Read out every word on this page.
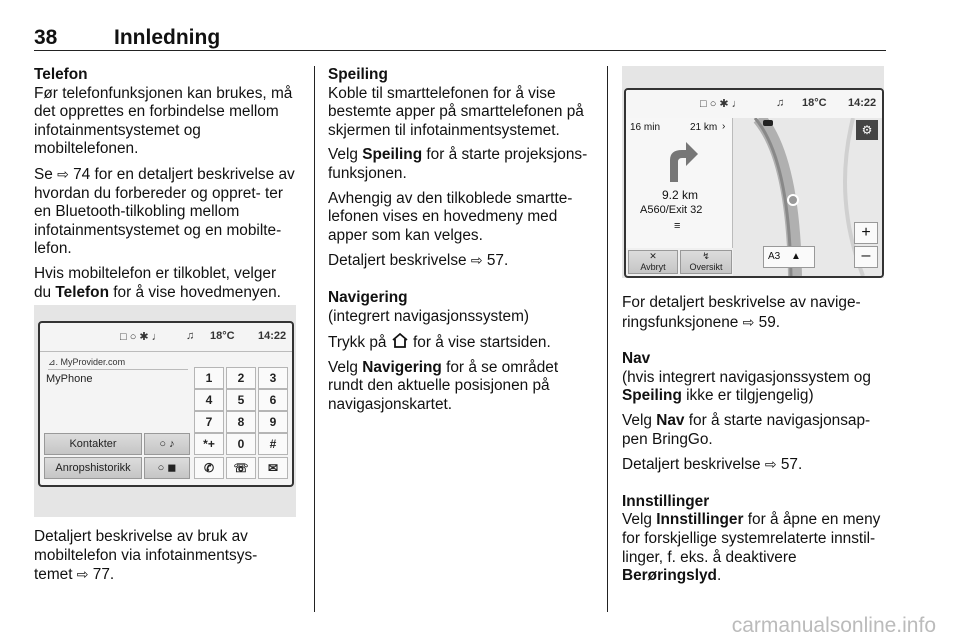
38	Innledning
Telefon

Før telefonfunksjonen kan brukes, må det opprettes en forbindelse mellom infotainmentsystemet og mobiltelefonen.

Se ⇨ 74 for en detaljert beskrivelse av hvordan du forbereder og oppret‐ ter en Bluetooth-tilkobling mellom infotainmentsystemet og en mobilte‐ lefon.

Hvis mobiltelefon er tilkoblet, velger du Telefon for å vise hovedmenyen.

□ ○ ✱ ♩ ♫ 18°C 14:22
⊿. MyProvider.com
MyPhone	1	2	3
4	5	6
7	8	9
*+	0	#
✆	☏	✉
Kontakter	○ ♪
Anropshistorikk	○ ◼

Detaljert beskrivelse av bruk av mobiltelefon via infotainmentsys‐ temet ⇨ 77.

Speiling

Koble til smarttelefonen for å vise bestemte apper på smarttelefonen på skjermen til infotainmentsystemet.

Velg Speiling for å starte projeksjons‐ funksjonen.

Avhengig av den tilkoblede smartte‐ lefonen vises en hovedmeny med apper som kan velges.

Detaljert beskrivelse ⇨ 57.

Navigering

(integrert navigasjonssystem)

Trykk på for å vise startsiden.

Velg Navigering for å se området rundt den aktuelle posisjonen på navigasjonskartet.

□ ○ ✱ ♩	♫ 18°C 14:22
16 min	21 km ›
9.2 km
A560/Exit 32
≡
⚙
+
–
A3 ▲
✕
Avbryt
↯
Oversikt

For detaljert beskrivelse av navige‐ ringsfunksjonene ⇨ 59.

Nav

(hvis integrert navigasjonssystem og Speiling ikke er tilgjengelig)

Velg Nav for å starte navigasjonsap‐ pen BringGo.

Detaljert beskrivelse ⇨ 57.

Innstillinger

Velg Innstillinger for å åpne en meny for forskjellige systemrelaterte innstil‐ linger, f. eks. å deaktivere Berøringslyd.

carmanualsonline.info
